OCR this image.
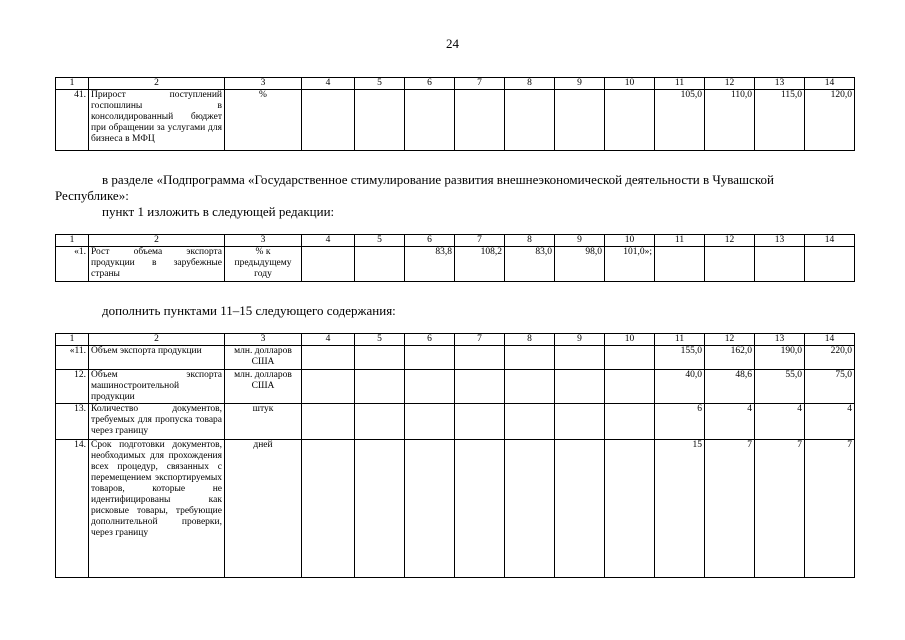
24
1	2	3	4	5	6	7	8	9	10	11	12	13	14
41.	Прирост поступлений госпошлины в консолидированный бюджет при обращении за услугами для бизнеса в МФЦ	%								105,0	110,0	115,0	120,0
в разделе «Подпрограмма «Государственное стимулирование развития внешнеэкономической деятельности в Чувашской Республике»:
пункт 1 изложить в следующей редакции:
1	2	3	4	5	6	7	8	9	10	11	12	13	14
«1.	Рост объема экспорта продукции в зарубежные страны	% к предыдущему году			83,8	108,2	83,0	98,0	101,0»;				
дополнить пунктами 11–15 следующего содержания:
1	2	3	4	5	6	7	8	9	10	11	12	13	14
«11.	Объем экспорта продукции	млн. долларов США								155,0	162,0	190,0	220,0
12.	Объем экспорта машиностроительной продукции	млн. долларов США								40,0	48,6	55,0	75,0
13.	Количество документов, требуемых для пропуска товара через границу	штук								6	4	4	4
14.	Срок подготовки документов, необходимых для прохождения всех процедур, связанных с перемещением экспортируемых товаров, которые не идентифицированы как рисковые товары, требующие дополнительной проверки, через границу	дней								15	7	7	7
